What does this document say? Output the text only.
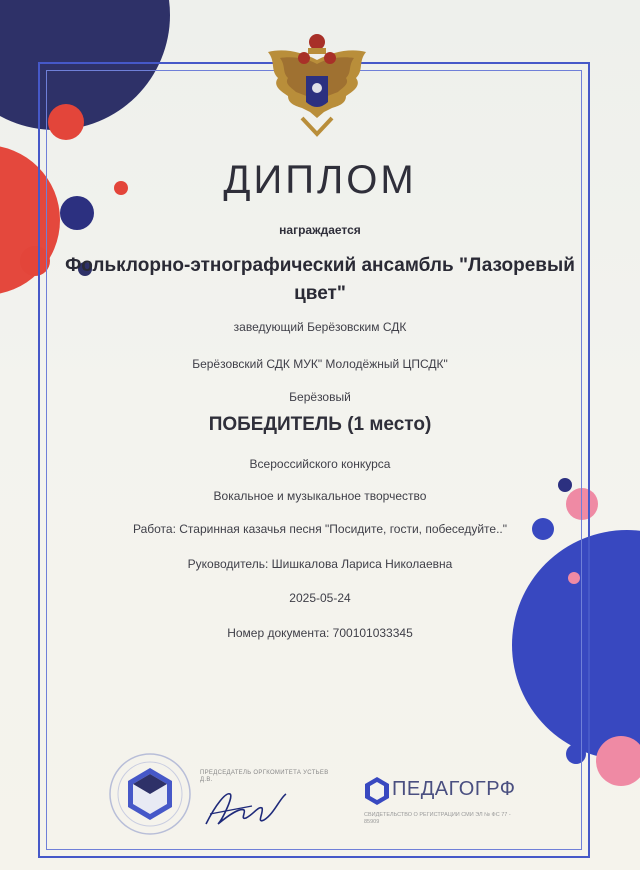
ДИПЛОМ
награждается
Фольклорно-этнографический ансамбль "Лазоревый цвет"
заведующий Берёзовским СДК
Берёзовский СДК МУК" Молодёжный ЦПСДК"
Берёзовый
ПОБЕДИТЕЛЬ (1 место)
Всероссийского конкурса
Вокальное и музыкальное творчество
Работа: Старинная казачья песня "Посидите, гости, побеседуйте.."
Руководитель: Шишкалова Лариса Николаевна
2025-05-24
Номер документа: 700101033345
ПРЕДСЕДАТЕЛЬ ОРГКОМИТЕТА УСТЬЕВ Д.В.	ПЕДАГОГРФ
СВИДЕТЕЛЬСТВО О РЕГИСТРАЦИИ СМИ ЭЛ № ФС 77 - 85909
